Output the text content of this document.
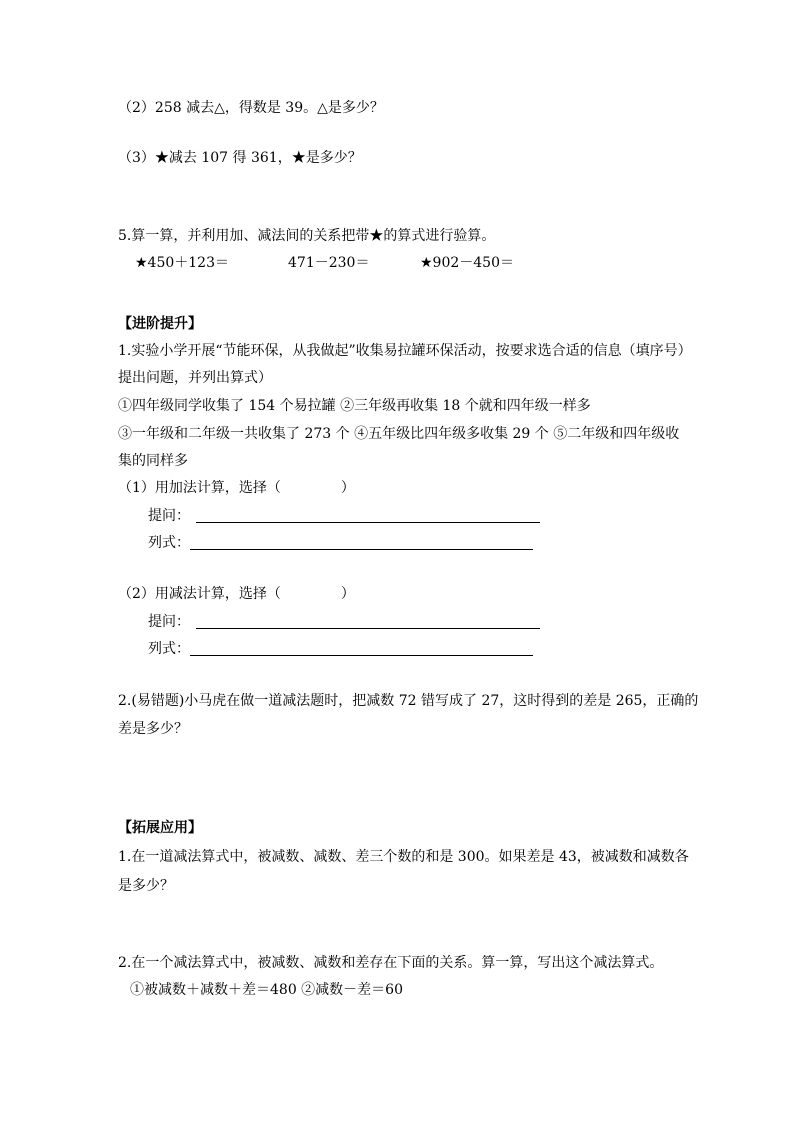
（2）258 减去△，得数是 39。△是多少？
（3）★减去 107 得 361，★是多少？
5.算一算，并利用加、减法间的关系把带★的算式进行验算。
★450＋123＝	471－230＝	★902－450＝
【进阶提升】
1.实验小学开展“节能环保，从我做起”收集易拉罐环保活动，按要求选合适的信息（填序号）
提出问题，并列出算式）
①四年级同学收集了 154 个易拉罐 ②三年级再收集 18 个就和四年级一样多
③一年级和二年级一共收集了 273 个 ④五年级比四年级多收集 29 个 ⑤二年级和四年级收
集的同样多
（1）用加法计算，选择（	）
提问：
列式：
（2）用减法计算，选择（	）
提问：
列式：
2.(易错题)小马虎在做一道减法题时，把减数 72 错写成了 27，这时得到的差是 265，正确的
差是多少？
【拓展应用】
1.在一道减法算式中，被减数、减数、差三个数的和是 300。如果差是 43，被减数和减数各
是多少？
2.在一个减法算式中，被减数、减数和差存在下面的关系。算一算，写出这个减法算式。
①被减数＋减数＋差＝480 ②减数－差＝60
